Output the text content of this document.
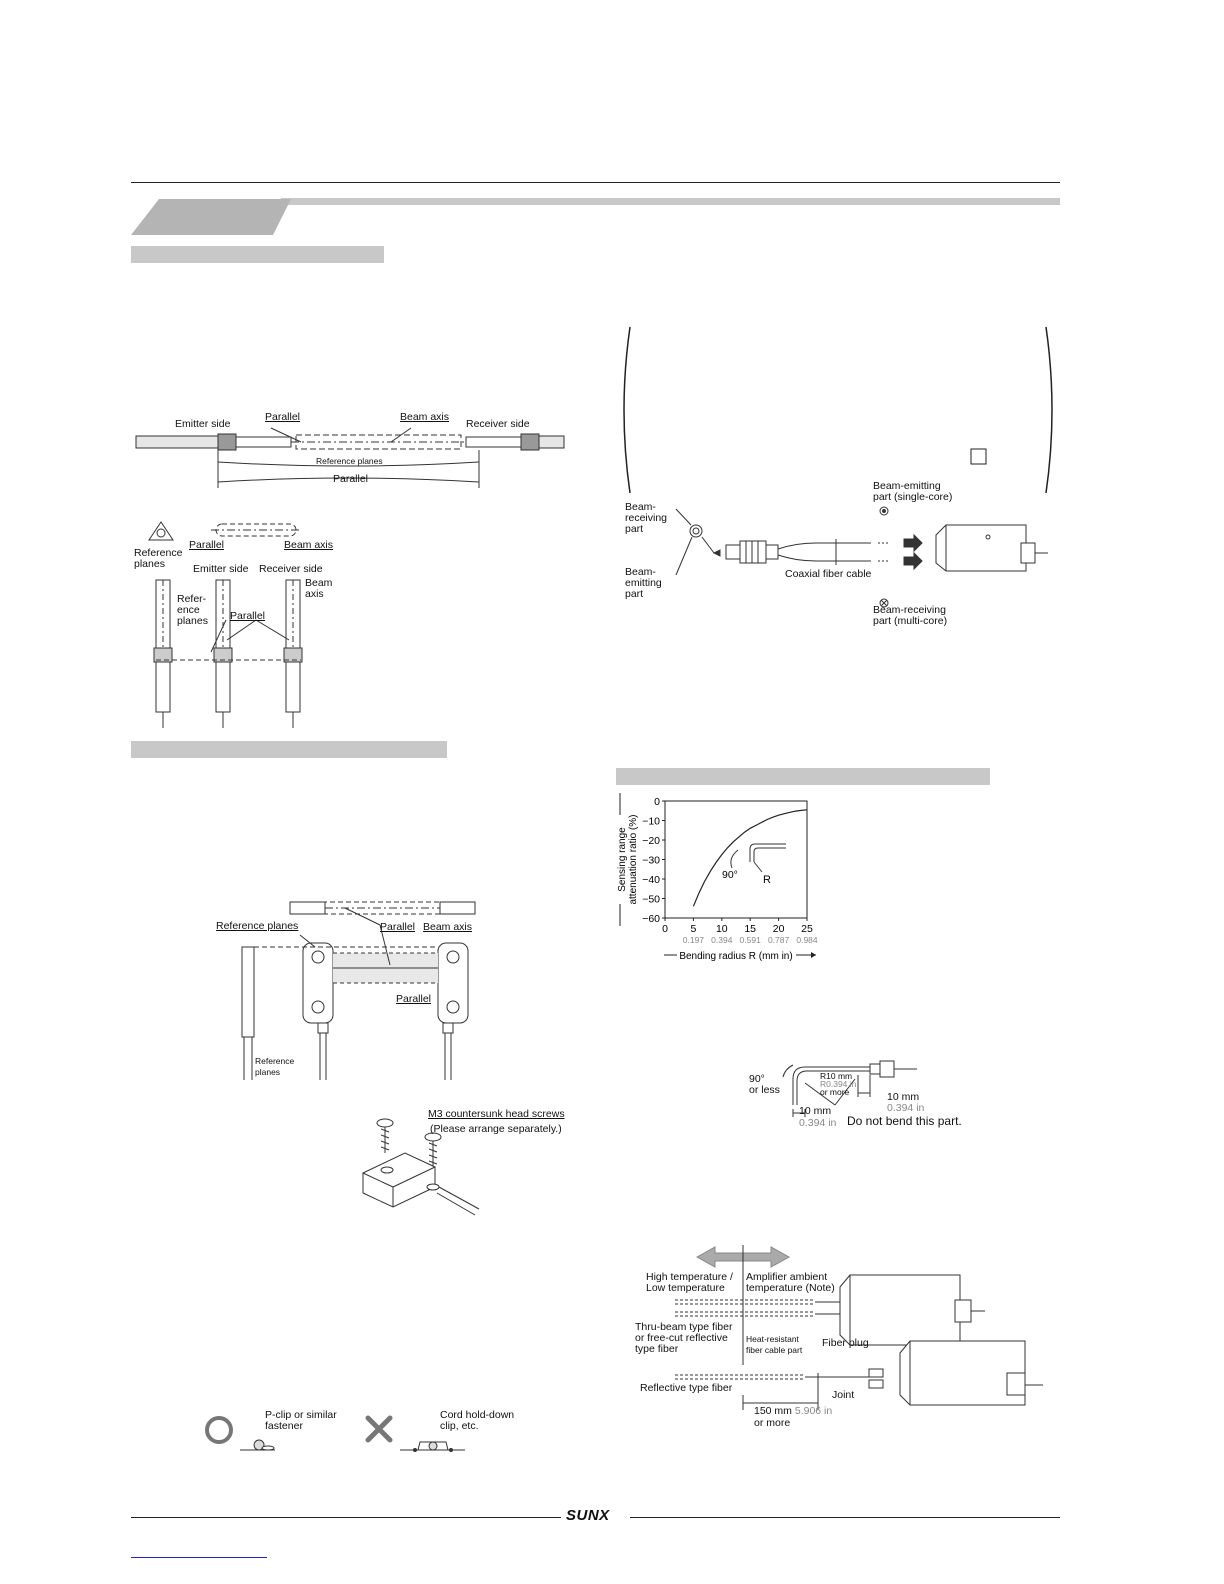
Emitter side
Parallel	Beam axis
Receiver side
Reference planes
Parallel
Reference
planes
Parallel	Beam axis
Emitter side Receiver side
Beam
axis
Refer-
ence
planes Parallel
Reference planes	Parallel Beam axis
Parallel
Reference
planes
M3 countersunk head screws
(Please arrange separately.)
P-clip or similar
fastener
Cord hold-down
clip, etc.
Beam-
receiving
part
Beam-
emitting
part
Coaxial fiber cable
Beam-emitting
part (single-core)
Beam-receiving
part (multi-core)
0
−10
−20
−30
−40
−50
−60
0 5 10 15 20 25
0.197 0.394 0.591 0.787 0.984
Bending radius R (mm in)
Sensing range attenuation ratio (%)	90° R
90°
or less
R10 mm
R0.394 in
or more	10 mm
0.394 in
10 mm
0.394 in Do not bend this part.
High temperature /
Low temperature
Amplifier ambient
temperature (Note)
Thru-beam type fiber
or free-cut reflective
type fiber
Heat-resistant
fiber cable part
Fiber plug
Reflective type fiber
Joint
150 mm 5.906 in
or more
SUNX
